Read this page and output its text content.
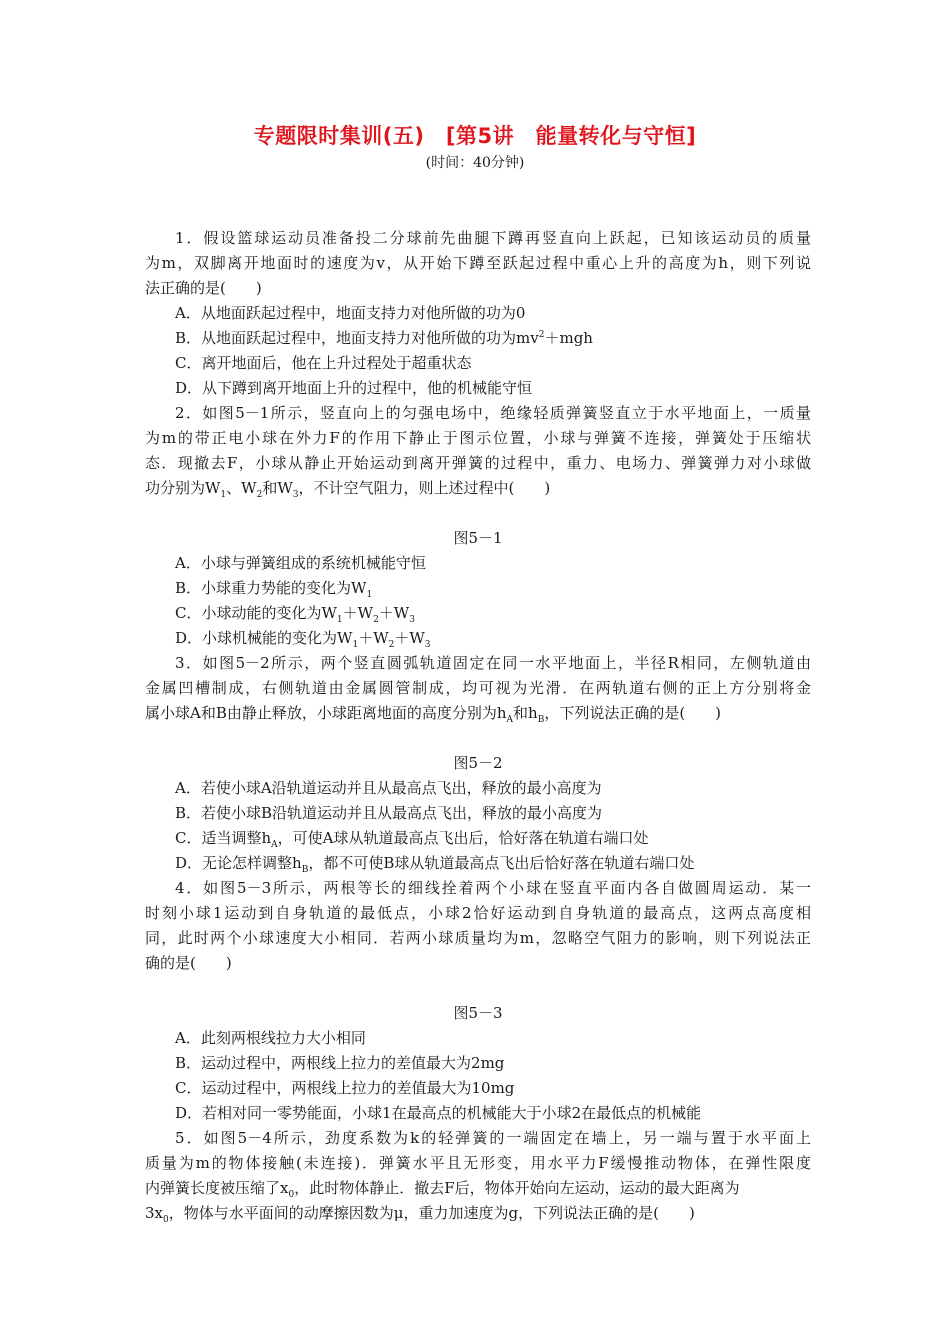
专题限时集训(五)　[第5讲　能量转化与守恒]
(时间：40分钟)
1．假设篮球运动员准备投二分球前先曲腿下蹲再竖直向上跃起，已知该运动员的质量
为m，双脚离开地面时的速度为v，从开始下蹲至跃起过程中重心上升的高度为h，则下列说
法正确的是(　　)
A．从地面跃起过程中，地面支持力对他所做的功为0
B．从地面跃起过程中，地面支持力对他所做的功为$mv^2+mgh$
C．离开地面后，他在上升过程处于超重状态
D．从下蹲到离开地面上升的过程中，他的机械能守恒
2．如图5－1所示，竖直向上的匀强电场中，绝缘轻质弹簧竖直立于水平地面上，一质量
为m的带正电小球在外力F的作用下静止于图示位置，小球与弹簧不连接，弹簧处于压缩状
态．现撤去F，小球从静止开始运动到离开弹簧的过程中，重力、电场力、弹簧弹力对小球做
功分别为$W_1$、$W_2$和$W_3$，不计空气阻力，则上述过程中(　　)
图5－1
A．小球与弹簧组成的系统机械能守恒
B．小球重力势能的变化为$W_1$
C．小球动能的变化为$W_1+W_2+W_3$
D．小球机械能的变化为$W_1+W_2+W_3$
3．如图5－2所示，两个竖直圆弧轨道固定在同一水平地面上，半径R相同，左侧轨道由
金属凹槽制成，右侧轨道由金属圆管制成，均可视为光滑．在两轨道右侧的正上方分别将金
属小球A和B由静止释放，小球距离地面的高度分别为$h_A$和$h_B$，下列说法正确的是(　　)
图5－2
A．若使小球A沿轨道运动并且从最高点飞出，释放的最小高度为
B．若使小球B沿轨道运动并且从最高点飞出，释放的最小高度为
C．适当调整$h_A$，可使A球从轨道最高点飞出后，恰好落在轨道右端口处
D．无论怎样调整$h_B$，都不可使B球从轨道最高点飞出后恰好落在轨道右端口处
4．如图5－3所示，两根等长的细线拴着两个小球在竖直平面内各自做圆周运动．某一
时刻小球1运动到自身轨道的最低点，小球2恰好运动到自身轨道的最高点，这两点高度相
同，此时两个小球速度大小相同．若两小球质量均为m，忽略空气阻力的影响，则下列说法正
确的是(　　)
图5－3
A．此刻两根线拉力大小相同
B．运动过程中，两根线上拉力的差值最大为2mg
C．运动过程中，两根线上拉力的差值最大为10mg
D．若相对同一零势能面，小球1在最高点的机械能大于小球2在最低点的机械能
5．如图5－4所示，劲度系数为k的轻弹簧的一端固定在墙上，另一端与置于水平面上
质量为m的物体接触(未连接)．弹簧水平且无形变，用水平力F缓慢推动物体，在弹性限度
内弹簧长度被压缩了$x_0$，此时物体静止．撤去F后，物体开始向左运动，运动的最大距离为
$3x_0$，物体与水平面间的动摩擦因数为μ，重力加速度为g，下列说法正确的是(　　)
